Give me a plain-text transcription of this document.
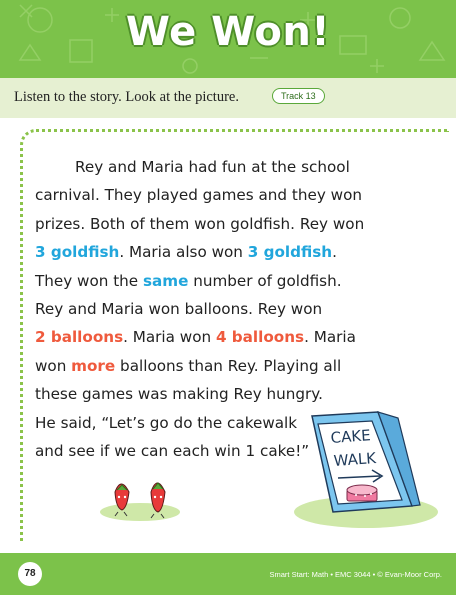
We Won!
Listen to the story. Look at the picture.	Track 13

Rey and Maria had fun at the school

carnival. They played games and they won

prizes. Both of them won goldfish. Rey won

3 goldfish. Maria also won 3 goldfish.

They won the same number of goldfish.

Rey and Maria won balloons. Rey won

2 balloons. Maria won 4 balloons. Maria

won more balloons than Rey. Playing all

these games was making Rey hungry.

He said, “Let’s go do the cakewalk

and see if we can each win 1 cake!”

CAKE
WALK
78	Smart Start: Math • EMC 3044 • © Evan-Moor Corp.
